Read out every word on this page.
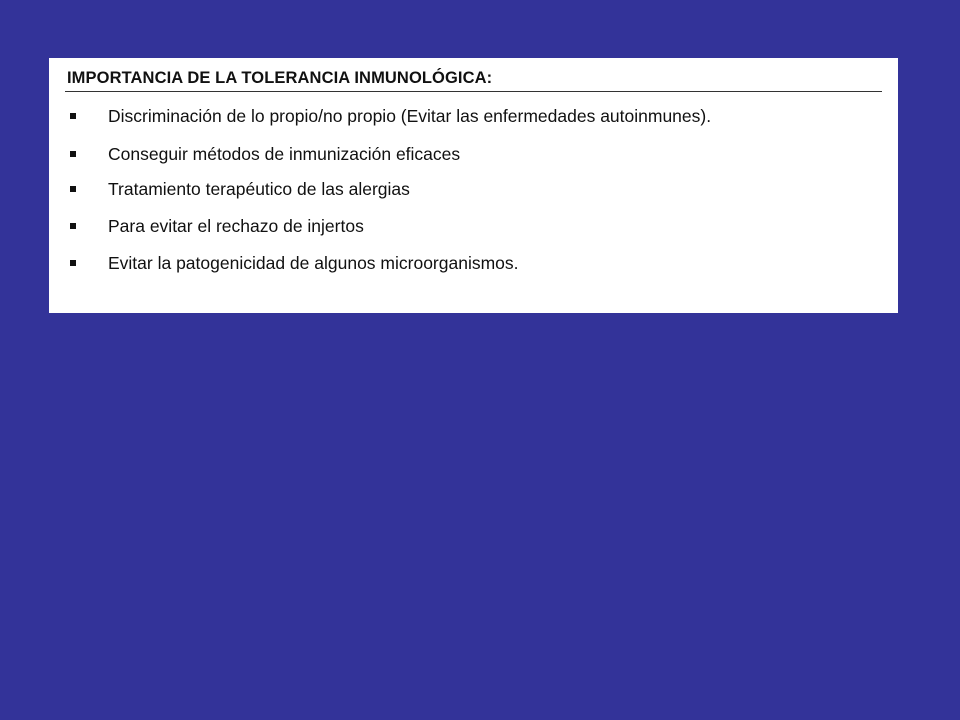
IMPORTANCIA DE LA TOLERANCIA INMUNOLÓGICA:
Discriminación de lo propio/no propio (Evitar las enfermedades autoinmunes).
Conseguir métodos de inmunización eficaces
Tratamiento terapéutico de las alergias
Para evitar el rechazo de injertos
Evitar la patogenicidad de algunos microorganismos.
